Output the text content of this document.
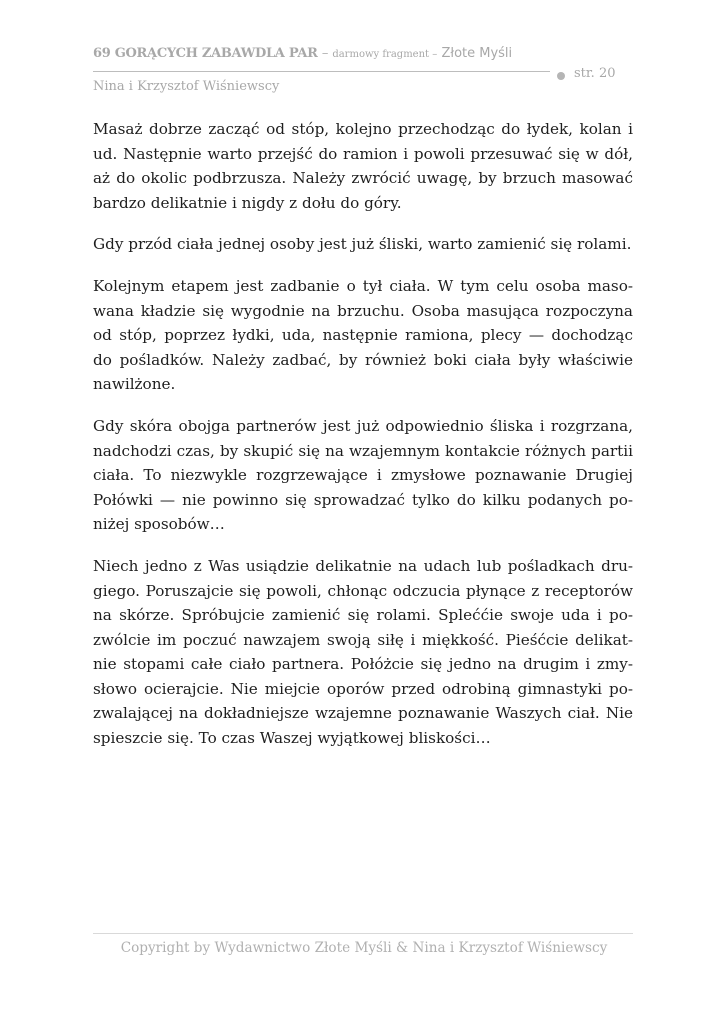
69 GORĄCYCH ZABAWDLA PAR – darmowy fragment – Złote Myśli
str. 20
Nina i Krzysztof Wiśniewscy

Masaż dobrze zacząć od stóp, kolejno przechodząc do łydek, kolan i ud. Następnie warto przejść do ramion i powoli przesuwać się w dół, aż do okolic podbrzusza. Należy zwrócić uwagę, by brzuch masować bardzo delikatnie i nigdy z dołu do góry.

Gdy przód ciała jednej osoby jest już śliski, warto zamienić się rolami.

Kolejnym etapem jest zadbanie o tył ciała. W tym celu osoba masowana kładzie się wygodnie na brzuchu. Osoba masująca rozpoczyna od stóp, poprzez łydki, uda, następnie ramiona, plecy — dochodząc do pośladków. Należy zadbać, by również boki ciała były właściwie nawilżone.

Gdy skóra obojga partnerów jest już odpowiednio śliska i rozgrzana, nadchodzi czas, by skupić się na wzajemnym kontakcie różnych partii ciała. To niezwykle rozgrzewające i zmysłowe poznawanie Drugiej Połówki — nie powinno się sprowadzać tylko do kilku podanych poniżej sposobów…

Niech jedno z Was usiądzie delikatnie na udach lub pośladkach drugiego. Poruszajcie się powoli, chłonąc odczucia płynące z receptorów na skórze. Spróbujcie zamienić się rolami. Spleććie swoje uda i pozwólcie im poczuć nawzajem swoją siłę i miękkość. Pieśćcie delikatnie stopami całe ciało partnera. Połóżcie się jedno na drugim i zmysłowo ocierajcie. Nie miejcie oporów przed odrobiną gimnastyki pozwalającej na dokładniejsze wzajemne poznawanie Waszych ciał. Nie spieszcie się. To czas Waszej wyjątkowej bliskości…

Copyright by Wydawnictwo Złote Myśli & Nina i Krzysztof Wiśniewscy
